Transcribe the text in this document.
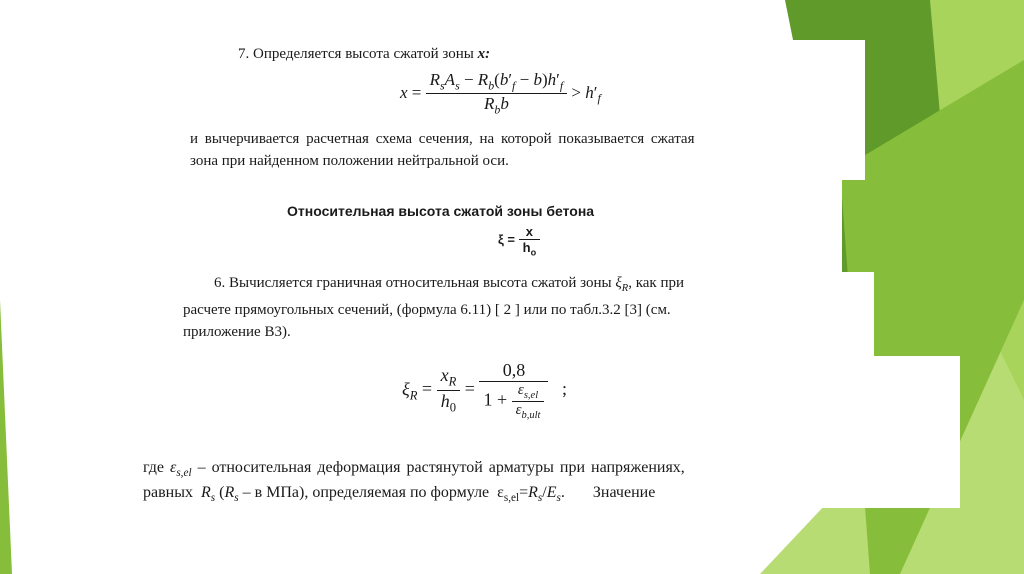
7. Определяется высота сжатой зоны x:
$x = \frac{R_sA_s - R_b(b'_f - b)h'_f}{R_bb} > h'_f$
и вычерчивается расчетная схема сечения, на которой показывается сжатая
зона при найденном положении нейтральной оси.
Относительная высота сжатой зоны бетона
$\xi = \frac{x}{h_o}$
6. Вычисляется граничная относительная высота сжатой зоны $\xi_R$, как при
расчете прямоугольных сечений, (формула 6.11) [ 2 ] или по табл.3.2 [3] (см.
приложение В3).
$\xi_R = \frac{x_R}{h_0} = \frac{0,8}{1 + \frac{\varepsilon_{s,el}}{\varepsilon_{b,ult}}}$ ;
где $\varepsilon_{s,el}$ – относительная деформация растянутой арматуры при напряжениях,
равных $R_s$ ($R_s$ – в МПа), определяемая по формуле  $\varepsilon_{s,el}=R_s/E_s$.       Значение
